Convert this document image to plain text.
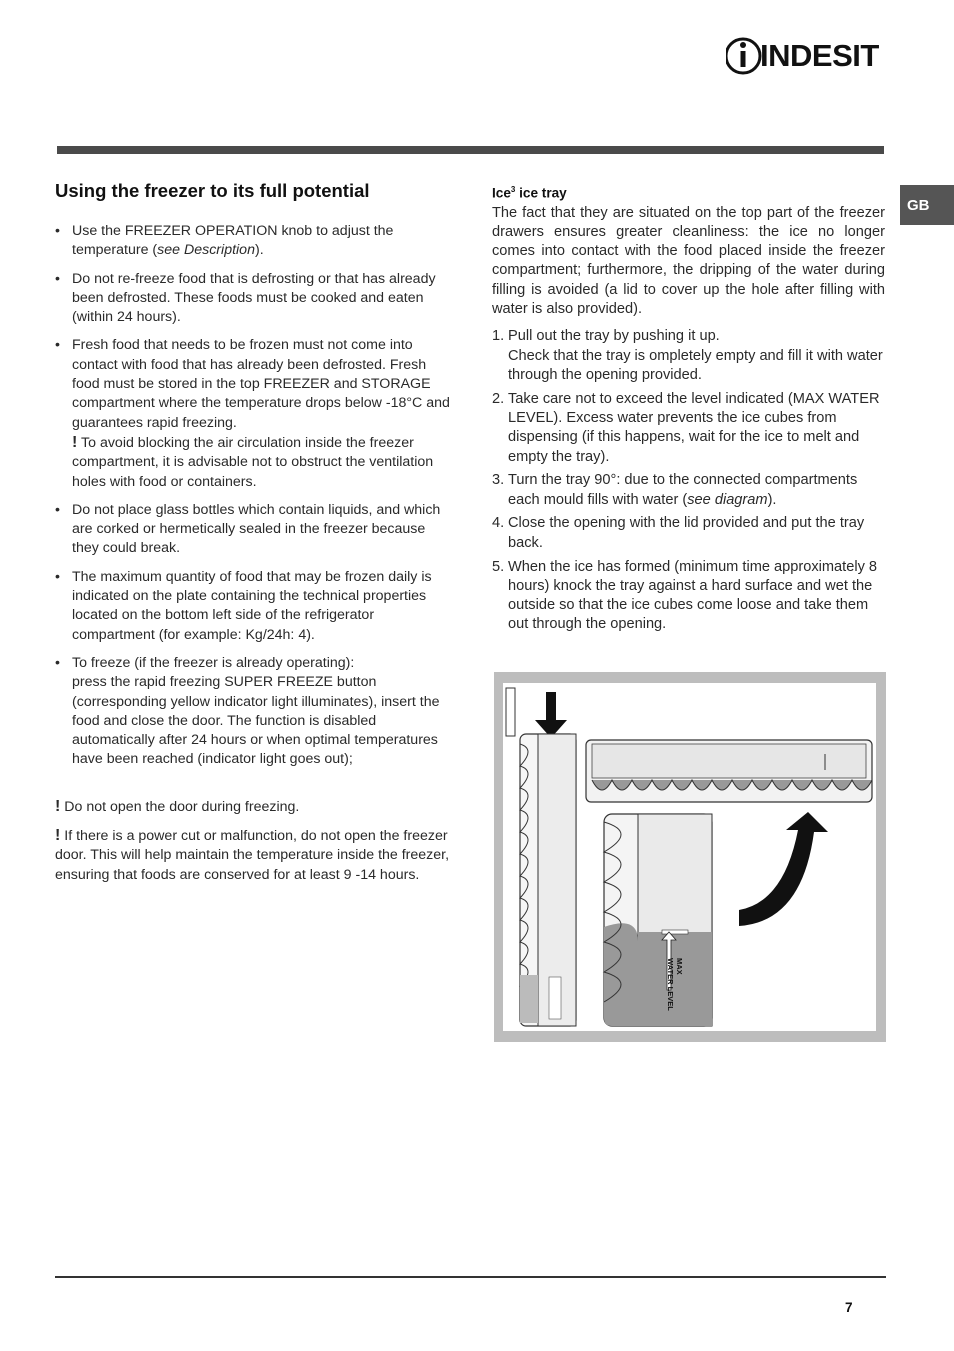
INDESIT
GB
Using the freezer to its full potential
• Use the FREEZER OPERATION knob to adjust the temperature (see Description).
• Do not re-freeze food that is defrosting or that has already been defrosted. These foods must be cooked and eaten (within 24 hours).
• Fresh food that needs to be frozen must not come into contact with food that has already been defrosted. Fresh food must be stored in the top FREEZER and STORAGE compartment where the temperature drops below -18°C and guarantees rapid freezing.
! To avoid blocking the air circulation inside the freezer compartment, it is advisable not to obstruct the ventilation holes with food or containers.
• Do not place glass bottles which contain liquids, and which are corked or hermetically sealed in the freezer because they could break.
• The maximum quantity of food that may be frozen daily is indicated on the plate containing the technical properties located on the bottom left side of the refrigerator compartment (for example: Kg/24h: 4).
• To freeze (if the freezer is already operating):
press the rapid freezing SUPER FREEZE button (corresponding yellow indicator light illuminates), insert the food and close the door. The function is disabled automatically after 24 hours or when optimal temperatures have been reached (indicator light goes out);

! Do not open the door during freezing.

! If there is a power cut or malfunction, do not open the freezer door. This will help maintain the temperature inside the freezer, ensuring that foods are conserved for at least 9 -14 hours.

Ice$^3$ ice tray

The fact that they are situated on the top part of the freezer drawers ensures greater cleanliness: the ice no longer comes into contact with the food placed inside the freezer compartment; furthermore, the dripping of the water during filling is avoided (a lid to cover up the hole after filling with water is also provided).

1. Pull out the tray by pushing it up.
Check that the tray is ompletely empty and fill it with water through the opening provided.
2. Take care not to exceed the level indicated (MAX WATER LEVEL). Excess water prevents the ice cubes from dispensing (if this happens, wait for the ice to melt and empty the tray).
3. Turn the tray 90°: due to the connected compartments each mould fills with water (see diagram).
4. Close the opening with the lid provided and put the tray back.
5. When the ice has formed (minimum time approximately 8 hours) knock the tray against a hard surface and wet the outside so that the ice cubes come loose and take them out through the opening.
MAXWATER LEVEL
7
